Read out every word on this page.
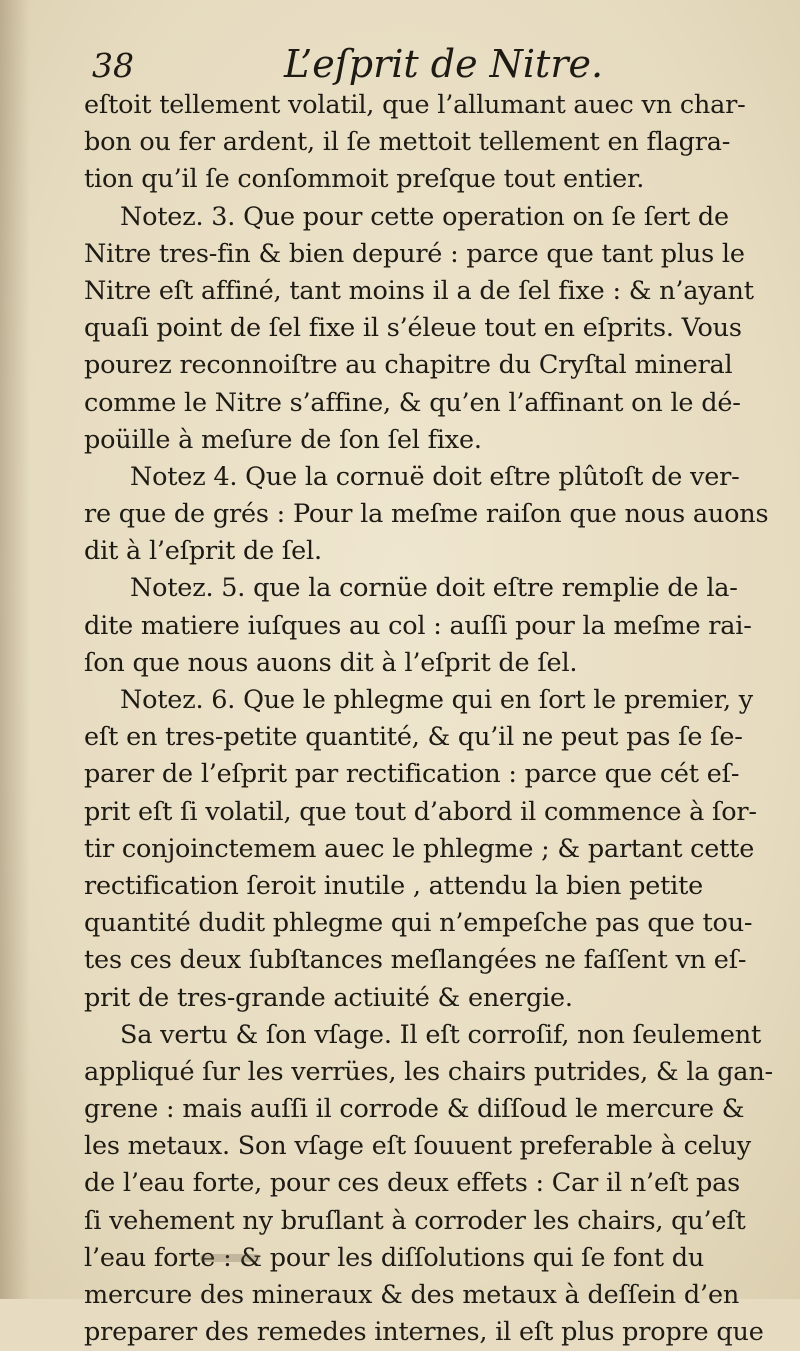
38	L’eſprit de Nitre.
eſtoit tellement volatil, que l’allumant auec vn char-
bon ou fer ardent, il ſe mettoit tellement en flagra-
tion qu’il ſe conſommoit preſque tout entier.
Notez. 3. Que pour cette operation on ſe ſert de
Nitre tres-fin & bien depuré : parce que tant plus le
Nitre eſt affiné, tant moins il a de ſel fixe : & n’ayant
quaſi point de ſel fixe il s’éleue tout en eſprits. Vous
pourez reconnoiſtre au chapitre du Cryſtal mineral
comme le Nitre s’affine, & qu’en l’affinant on le dé-
poüille à meſure de ſon ſel fixe.
Notez 4. Que la cornuë doit eſtre plûtoſt de ver-
re que de grés : Pour la meſme raiſon que nous auons
dit à l’eſprit de ſel.
Notez. 5. que la cornüe doit eſtre remplie de la-
dite matiere iuſques au col : auſſi pour la meſme rai-
ſon que nous auons dit à l’eſprit de ſel.
Notez. 6. Que le phlegme qui en ſort le premier, y
eſt en tres-petite quantité, & qu’il ne peut pas ſe ſe-
parer de l’eſprit par rectification : parce que cét eſ-
prit eſt ſi volatil, que tout d’abord il commence à ſor-
tir conjoinctemem auec le phlegme ; & partant cette
rectification ſeroit inutile , attendu la bien petite
quantité dudit phlegme qui n’empeſche pas que tou-
tes ces deux ſubſtances meſlangées ne faſſent vn eſ-
prit de tres-grande actiuité & energie.
Sa vertu & ſon vſage. Il eſt corroſif, non ſeulement
appliqué ſur les verrües, les chairs putrides, & la gan-
grene : mais auſſi il corrode & diſſoud le mercure &
les metaux. Son vſage eſt ſouuent preferable à celuy
de l’eau forte, pour ces deux effets : Car il n’eſt pas
ſi vehement ny bruſlant à corroder les chairs, qu’eſt
l’eau forte : & pour les diſſolutions qui ſe font du
mercure des mineraux & des metaux à deſſein d’en
preparer des remedes internes, il eſt plus propre que
